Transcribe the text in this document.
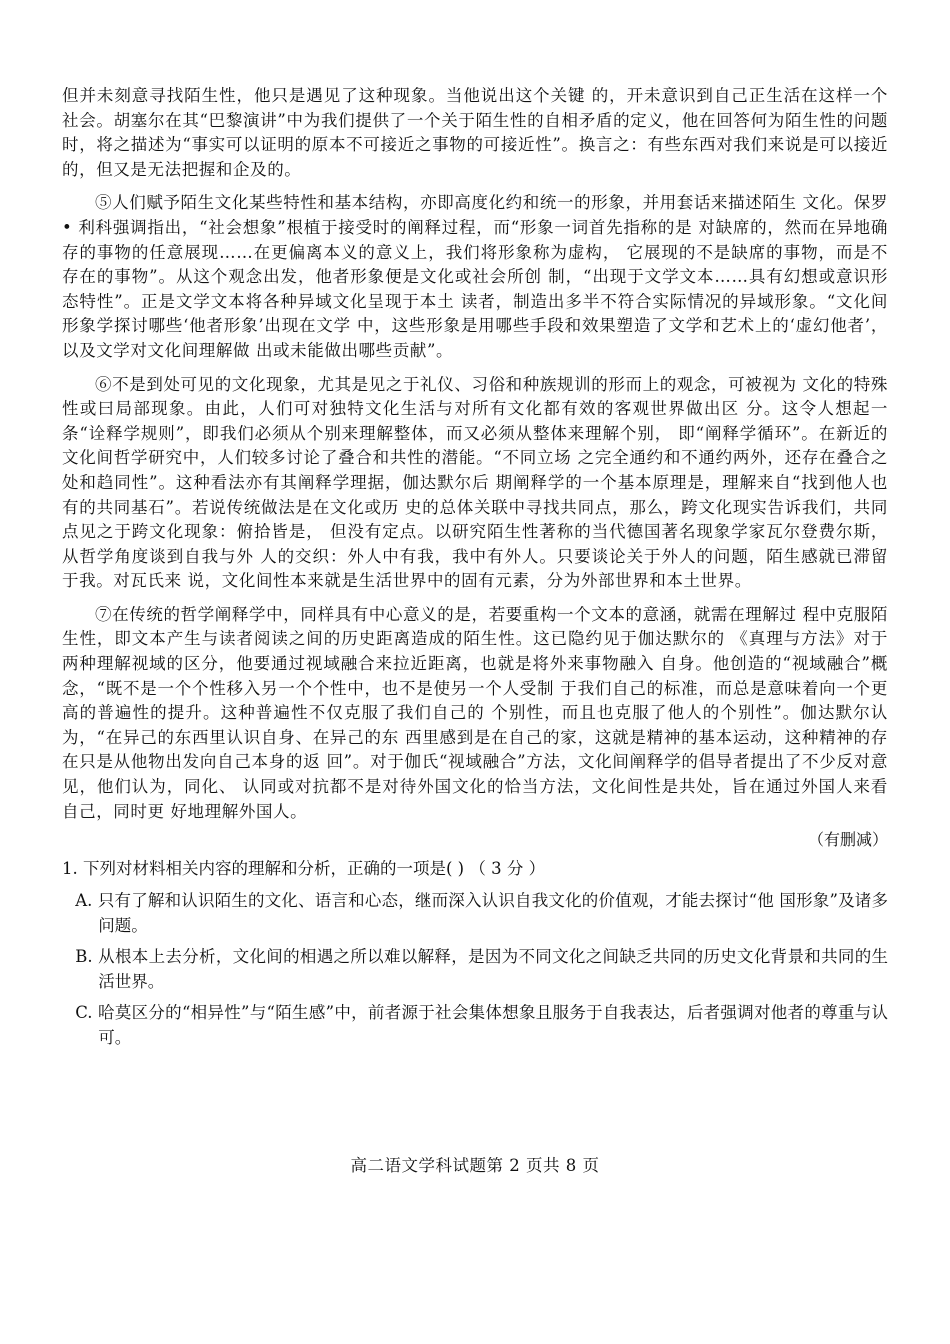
但并未刻意寻找陌生性，他只是遇见了这种现象。当他说出这个关键 的，开未意识到自己正生活在这样一个社会。胡塞尔在其“巴黎演讲”中为我们提供了一个关于陌生性的自相矛盾的定义，他在回答何为陌生性的问题时，将之描述为“事实可以证明的原本不可接近之事物的可接近性”。换言之：有些东西对我们来说是可以接近的，但又是无法把握和企及的。

⑤人们赋予陌生文化某些特性和基本结构，亦即高度化约和统一的形象，并用套话来描述陌生 文化。保罗 • 利科强调指出，“社会想象”根植于接受时的阐释过程，而“形象一词首先指称的是 对缺席的，然而在异地确存的事物的任意展现……在更偏离本义的意义上，我们将形象称为虚构， 它展现的不是缺席的事物，而是不存在的事物”。从这个观念出发，他者形象便是文化或社会所创 制，“出现于文学文本……具有幻想或意识形态特性”。正是文学文本将各种异域文化呈现于本土 读者，制造出多半不符合实际情况的异域形象。“文化间形象学探讨哪些‘他者形象’出现在文学 中，这些形象是用哪些手段和效果塑造了文学和艺术上的‘虚幻他者’，以及文学对文化间理解做 出或未能做出哪些贡献”。

⑥不是到处可见的文化现象，尤其是见之于礼仪、习俗和种族规训的形而上的观念，可被视为 文化的特殊性或曰局部现象。由此，人们可对独特文化生活与对所有文化都有效的客观世界做出区 分。这令人想起一条“诠释学规则”，即我们必须从个别来理解整体，而又必须从整体来理解个别， 即“阐释学循环”。在新近的文化间哲学研究中，人们较多讨论了叠合和共性的潜能。“不同立场 之完全通约和不通约两外，还存在叠合之处和趋同性”。这种看法亦有其阐释学理据，伽达默尔后 期阐释学的一个基本原理是，理解来自“找到他人也有的共同基石”。若说传统做法是在文化或历 史的总体关联中寻找共同点，那么，跨文化现实告诉我们，共同点见之于跨文化现象：俯拾皆是， 但没有定点。以研究陌生性著称的当代德国著名现象学家瓦尔登费尔斯，从哲学角度谈到自我与外 人的交织：外人中有我，我中有外人。只要谈论关于外人的问题，陌生感就已滞留于我。对瓦氏来 说，文化间性本来就是生活世界中的固有元素，分为外部世界和本土世界。

⑦在传统的哲学阐释学中，同样具有中心意义的是，若要重构一个文本的意涵，就需在理解过 程中克服陌生性，即文本产生与读者阅读之间的历史距离造成的陌生性。这已隐约见于伽达默尔的 《真理与方法》对于两种理解视域的区分，他要通过视域融合来拉近距离，也就是将外来事物融入 自身。他创造的“视域融合”概念，“既不是一个个性移入另一个个性中，也不是使另一个人受制 于我们自己的标准，而总是意味着向一个更高的普遍性的提升。这种普遍性不仅克服了我们自己的 个别性，而且也克服了他人的个别性”。伽达默尔认为，“在异己的东西里认识自身、在异己的东 西里感到是在自己的家，这就是精神的基本运动，这种精神的存在只是从他物出发向自己本身的返 回”。对于伽氏“视域融合”方法，文化间阐释学的倡导者提出了不少反对意见，他们认为，同化、 认同或对抗都不是对待外国文化的恰当方法，文化间性是共处，旨在通过外国人来看自己，同时更 好地理解外国人。

（有删减）

1. 下列对材料相关内容的理解和分析，正确的一项是( ) （ 3 分 ）

A. 只有了解和认识陌生的文化、语言和心态，继而深入认识自我文化的价值观，才能去探讨“他 国形象”及诸多问题。

B. 从根本上去分析，文化间的相遇之所以难以解释，是因为不同文化之间缺乏共同的历史文化背景和共同的生活世界。

C. 哈莫区分的“相异性”与“陌生感”中，前者源于社会集体想象且服务于自我表达，后者强调对他者的尊重与认可。

高二语文学科试题第 2 页共 8 页
